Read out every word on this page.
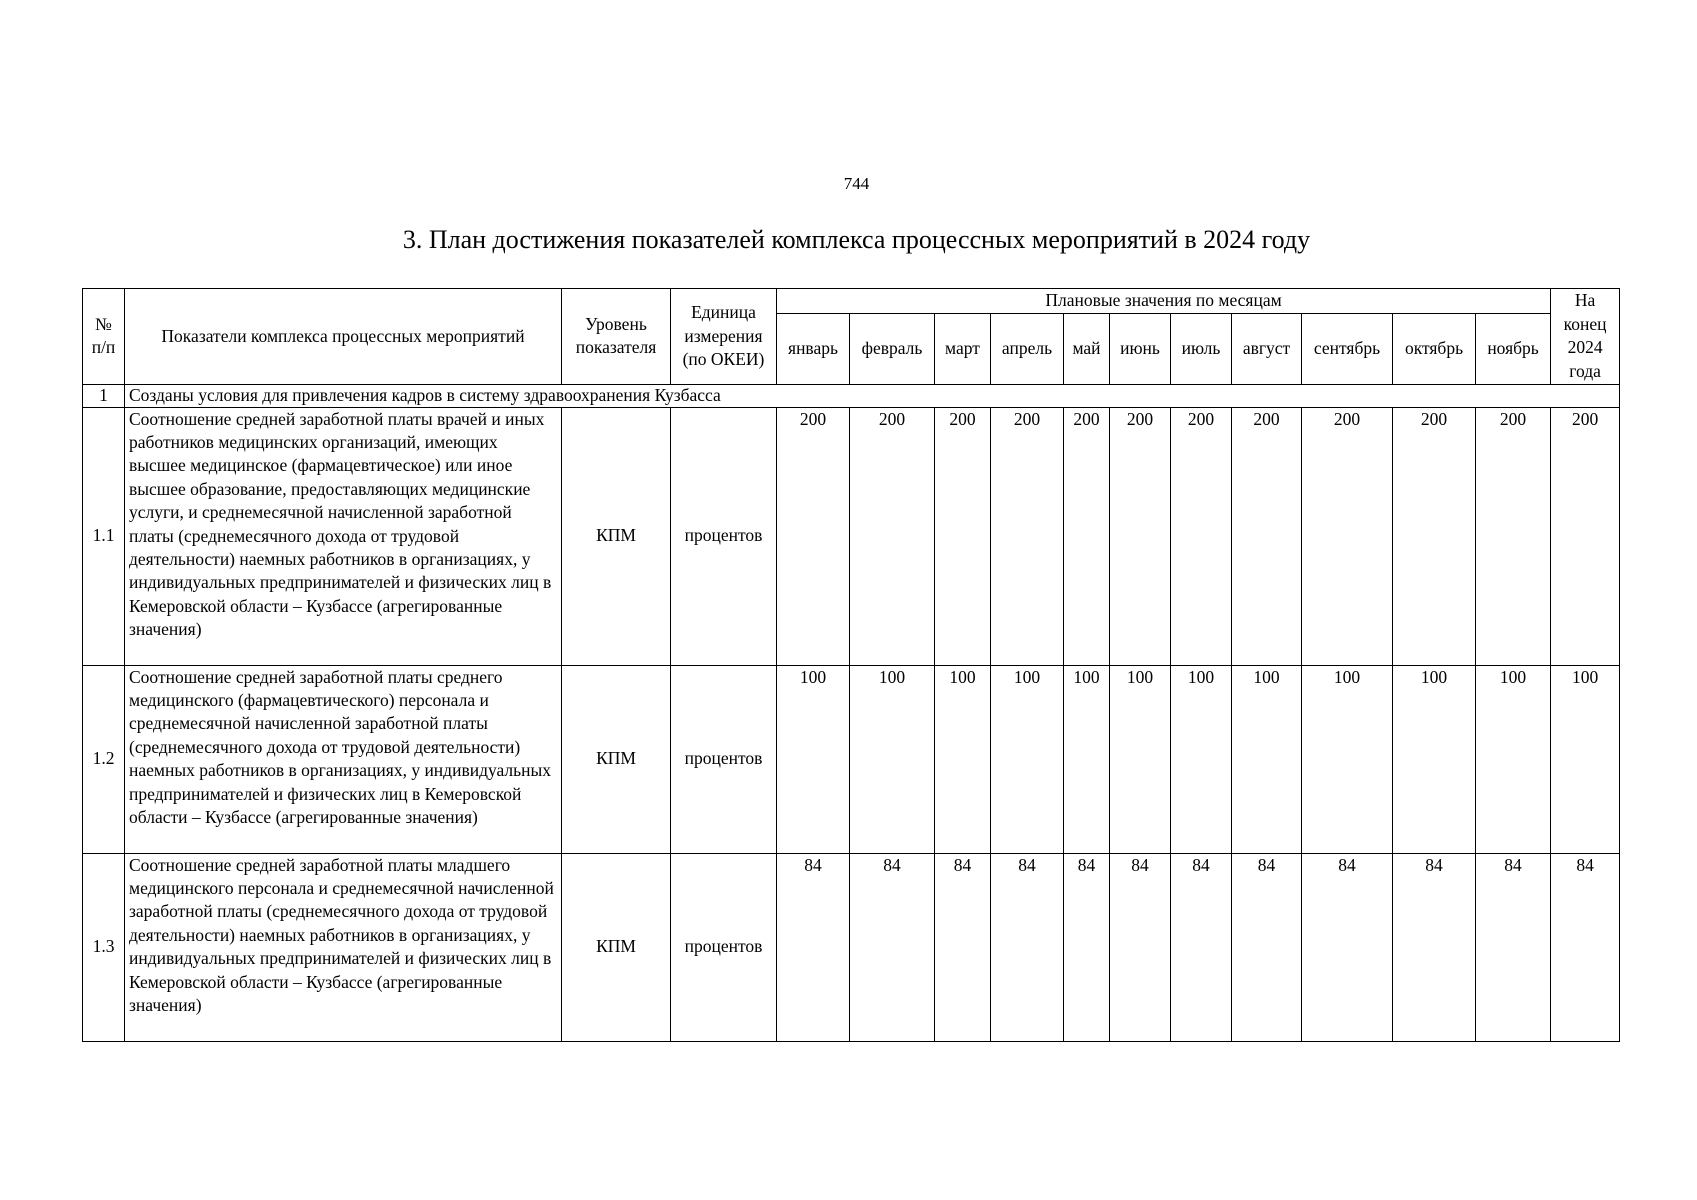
744
3. План достижения показателей комплекса процессных мероприятий в 2024 году
№ п/п	Показатели комплекса процессных мероприятий	Уровень показателя	Единица измерения (по ОКЕИ)	Плановые значения по месяцам											На конец 2024 года
				январь	февраль	март	апрель	май	июнь	июль	август	сентябрь	октябрь	ноябрь	
1	Созданы условия для привлечения кадров в систему здравоохранения Кузбасса														
1.1	Соотношение средней заработной платы врачей и иных работников медицинских организаций, имеющих высшее медицинское (фармацевтическое) или иное высшее образование, предоставляющих медицинские услуги, и среднемесячной начисленной заработной платы (среднемесячного дохода от трудовой деятельности) наемных работников в организациях, у индивидуальных предпринимателей и физических лиц в Кемеровской области – Кузбассе (агрегированные значения)	КПМ	процентов	200	200	200	200	200	200	200	200	200	200	200	200
1.2	Соотношение средней заработной платы среднего медицинского (фармацевтического) персонала и среднемесячной начисленной заработной платы (среднемесячного дохода от трудовой деятельности) наемных работников в организациях, у индивидуальных предпринимателей и физических лиц в Кемеровской области – Кузбассе (агрегированные значения)	КПМ	процентов	100	100	100	100	100	100	100	100	100	100	100	100
1.3	Соотношение средней заработной платы младшего медицинского персонала и среднемесячной начисленной заработной платы (среднемесячного дохода от трудовой деятельности) наемных работников в организациях, у индивидуальных предпринимателей и физических лиц в Кемеровской области – Кузбассе (агрегированные значения)	КПМ	процентов	84	84	84	84	84	84	84	84	84	84	84	84
